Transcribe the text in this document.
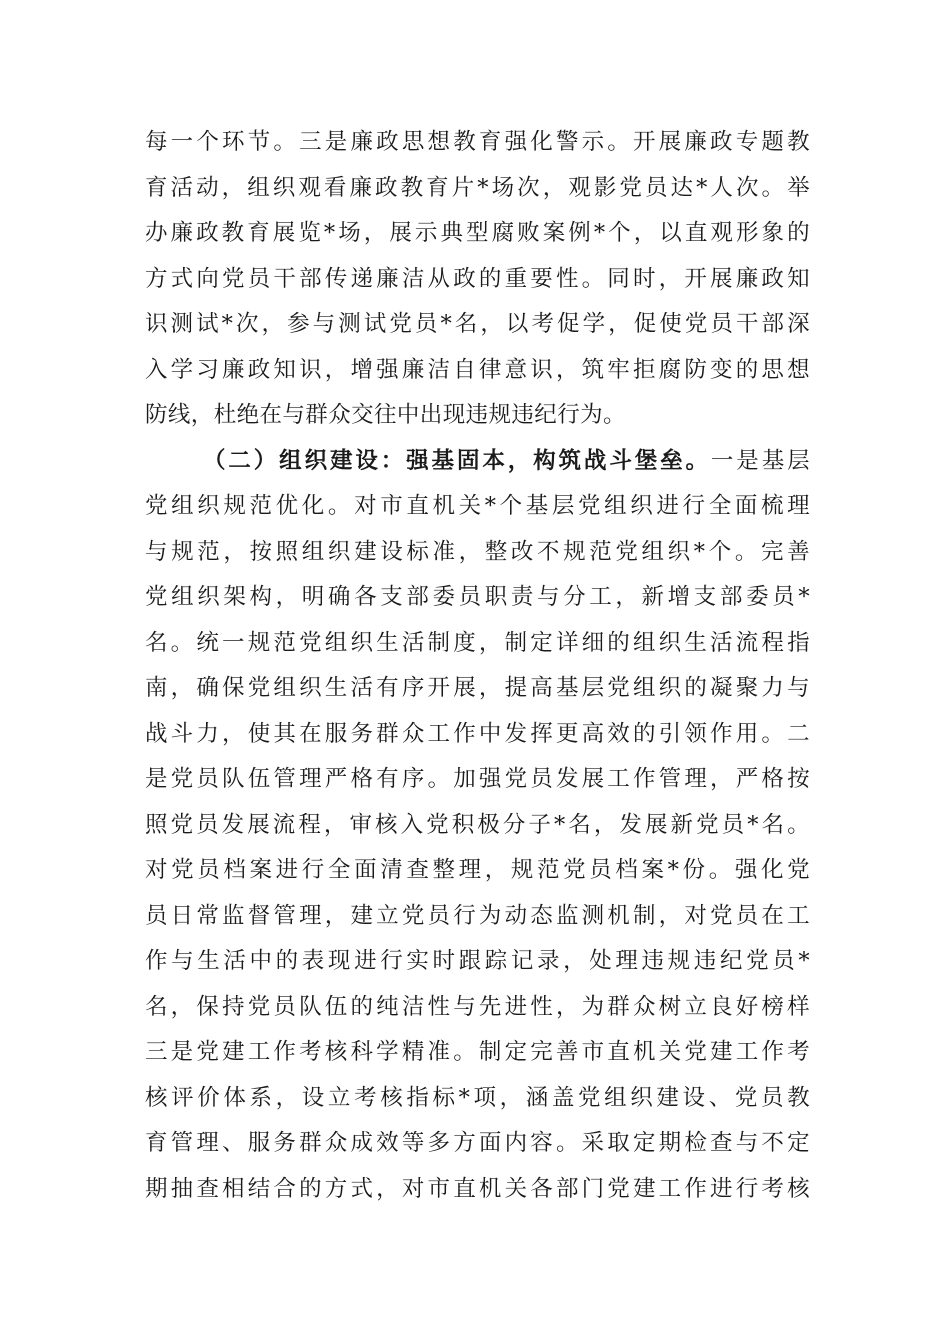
每一个环节。三是廉政思想教育强化警示。开展廉政专题教
育活动，组织观看廉政教育片*场次，观影党员达*人次。举
办廉政教育展览*场，展示典型腐败案例*个，以直观形象的
方式向党员干部传递廉洁从政的重要性。同时，开展廉政知
识测试*次，参与测试党员*名，以考促学，促使党员干部深
入学习廉政知识，增强廉洁自律意识，筑牢拒腐防变的思想
防线，杜绝在与群众交往中出现违规违纪行为。
（二）组织建设：强基固本，构筑战斗堡垒。一是基层
党组织规范优化。对市直机关*个基层党组织进行全面梳理
与规范，按照组织建设标准，整改不规范党组织*个。完善
党组织架构，明确各支部委员职责与分工，新增支部委员*
名。统一规范党组织生活制度，制定详细的组织生活流程指
南，确保党组织生活有序开展，提高基层党组织的凝聚力与
战斗力，使其在服务群众工作中发挥更高效的引领作用。二
是党员队伍管理严格有序。加强党员发展工作管理，严格按
照党员发展流程，审核入党积极分子*名，发展新党员*名。
对党员档案进行全面清查整理，规范党员档案*份。强化党
员日常监督管理，建立党员行为动态监测机制，对党员在工
作与生活中的表现进行实时跟踪记录，处理违规违纪党员*
名，保持党员队伍的纯洁性与先进性，为群众树立良好榜样
三是党建工作考核科学精准。制定完善市直机关党建工作考
核评价体系，设立考核指标*项，涵盖党组织建设、党员教
育管理、服务群众成效等多方面内容。采取定期检查与不定
期抽查相结合的方式，对市直机关各部门党建工作进行考核
